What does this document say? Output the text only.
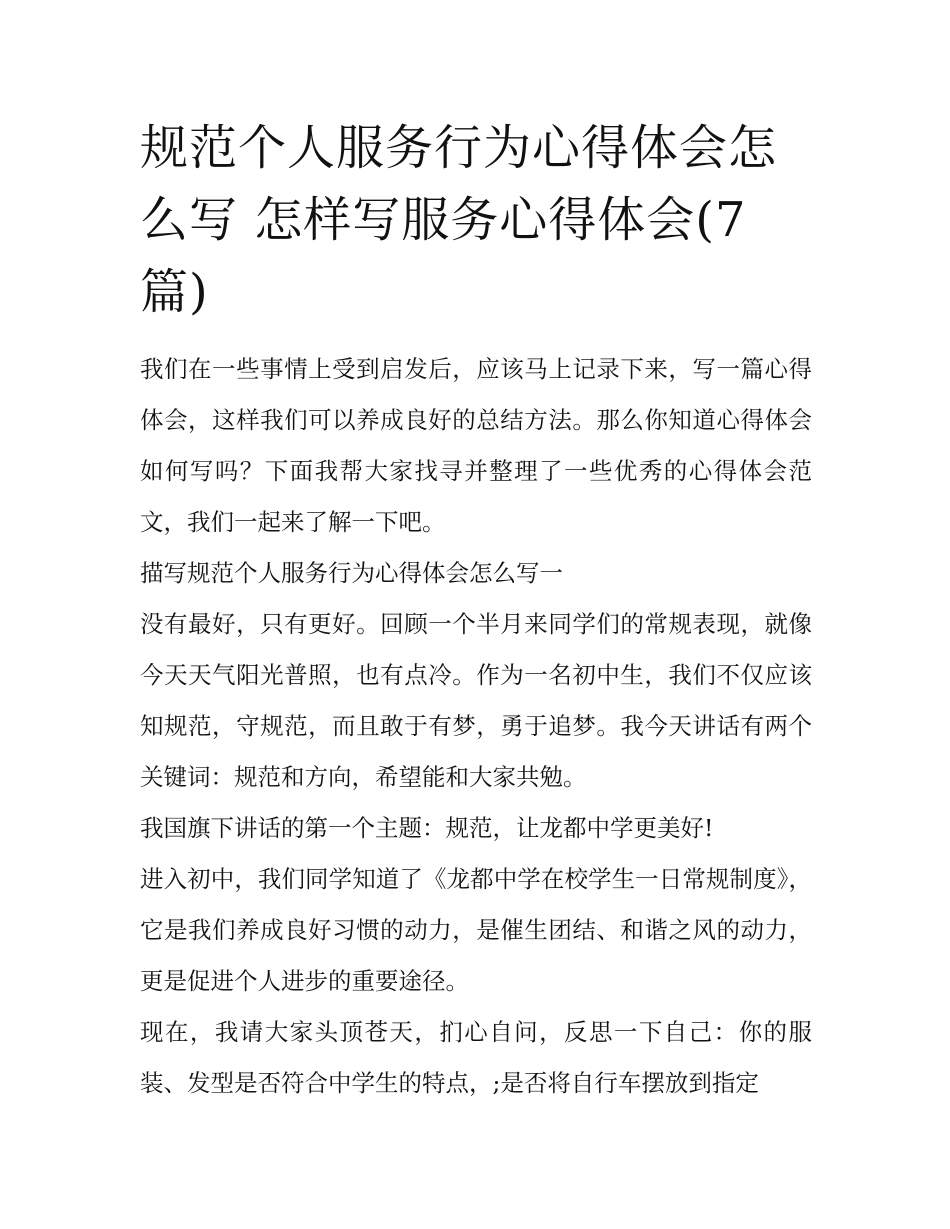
规范个人服务行为心得体会怎么写 怎样写服务心得体会(7篇)

我们在一些事情上受到启发后，应该马上记录下来，写一篇心得体会，这样我们可以养成良好的总结方法。那么你知道心得体会如何写吗？下面我帮大家找寻并整理了一些优秀的心得体会范文，我们一起来了解一下吧。

描写规范个人服务行为心得体会怎么写一

没有最好，只有更好。回顾一个半月来同学们的常规表现，就像今天天气阳光普照，也有点冷。作为一名初中生，我们不仅应该知规范，守规范，而且敢于有梦，勇于追梦。我今天讲话有两个关键词：规范和方向，希望能和大家共勉。

我国旗下讲话的第一个主题：规范，让龙都中学更美好!

进入初中，我们同学知道了《龙都中学在校学生一日常规制度》，它是我们养成良好习惯的动力，是催生团结、和谐之风的动力，更是促进个人进步的重要途径。

现在，我请大家头顶苍天，扪心自问，反思一下自己：你的服装、发型是否符合中学生的特点，;是否将自行车摆放到指定
